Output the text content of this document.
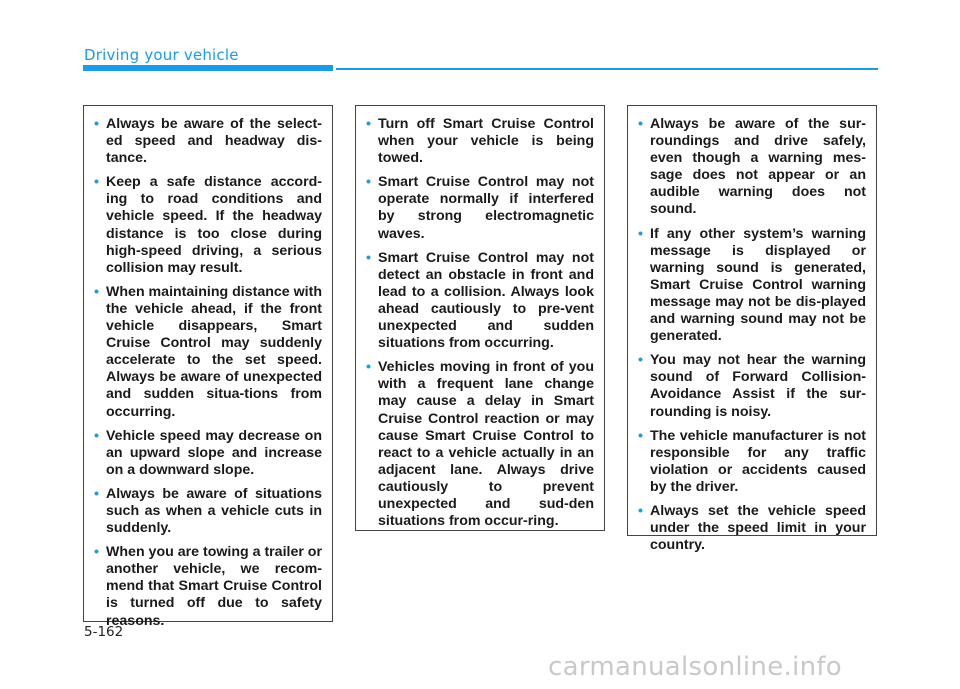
Driving your vehicle
• Always be aware of the select-ed speed and headway dis-tance.
• Keep a safe distance accord-ing to road conditions and vehicle speed. If the headway distance is too close during high-speed driving, a serious collision may result.
• When maintaining distance with the vehicle ahead, if the front vehicle disappears, Smart Cruise Control may suddenly accelerate to the set speed. Always be aware of unexpected and sudden situa-tions from occurring.
• Vehicle speed may decrease on an upward slope and increase on a downward slope.
• Always be aware of situations such as when a vehicle cuts in suddenly.
• When you are towing a trailer or another vehicle, we recom-mend that Smart Cruise Control is turned off due to safety reasons.
• Turn off Smart Cruise Control when your vehicle is being towed.
• Smart Cruise Control may not operate normally if interfered by strong electromagnetic waves.
• Smart Cruise Control may not detect an obstacle in front and lead to a collision. Always look ahead cautiously to pre-vent unexpected and sudden situations from occurring.
• Vehicles moving in front of you with a frequent lane change may cause a delay in Smart Cruise Control reaction or may cause Smart Cruise Control to react to a vehicle actually in an adjacent lane. Always drive cautiously to prevent unexpected and sud-den situations from occur-ring.
• Always be aware of the sur-roundings and drive safely, even though a warning mes-sage does not appear or an audible warning does not sound.
• If any other system’s warning message is displayed or warning sound is generated, Smart Cruise Control warning message may not be dis-played and warning sound may not be generated.
• You may not hear the warning sound of Forward Collision-Avoidance Assist if the sur-rounding is noisy.
• The vehicle manufacturer is not responsible for any traffic violation or accidents caused by the driver.
• Always set the vehicle speed under the speed limit in your country.
5-162
carmanualsonline.info
